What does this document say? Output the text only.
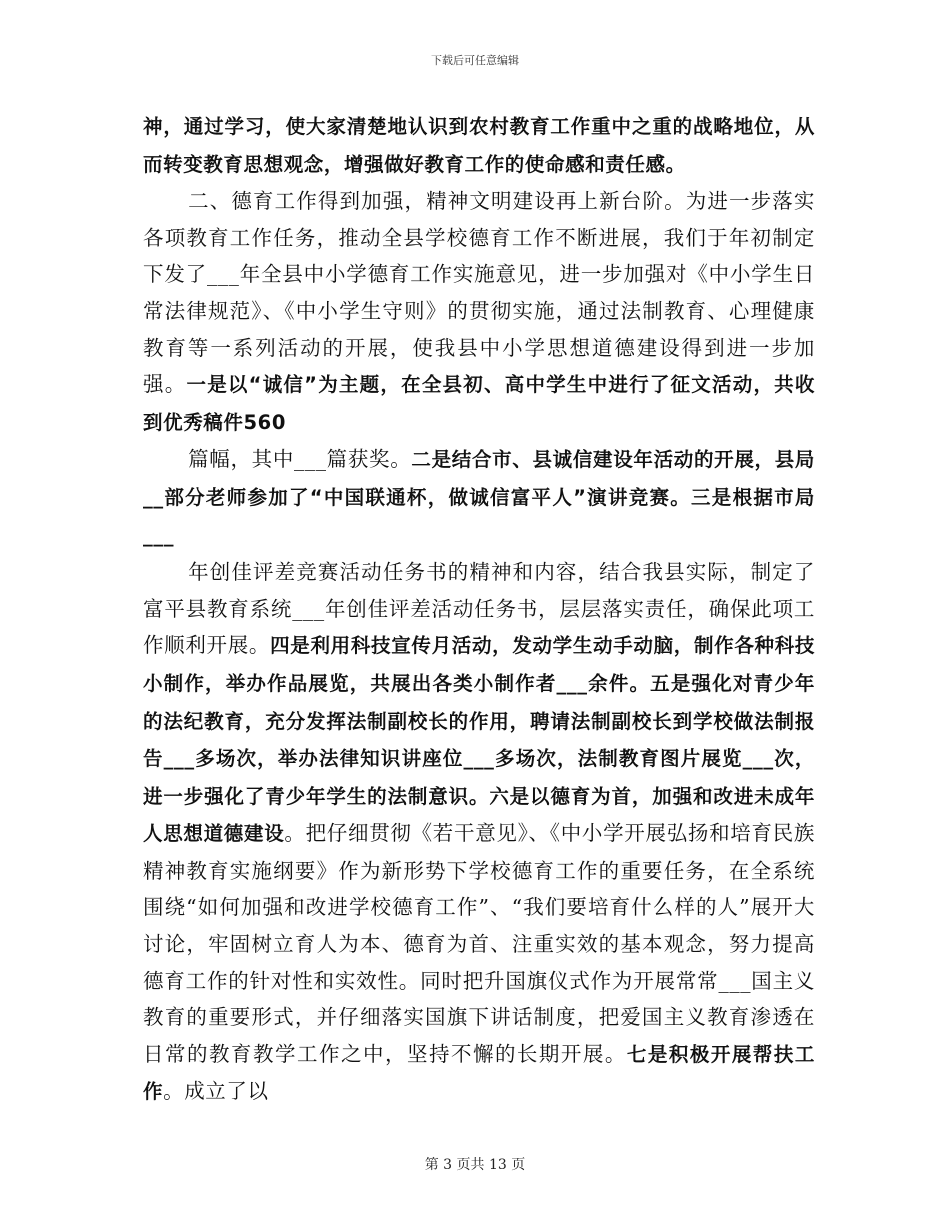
下载后可任意编辑

神，通过学习，使大家清楚地认识到农村教育工作重中之重的战略地位，从而转变教育思想观念，增强做好教育工作的使命感和责任感。

二、德育工作得到加强，精神文明建设再上新台阶。为进一步落实各项教育工作任务，推动全县学校德育工作不断进展，我们于年初制定下发了___年全县中小学德育工作实施意见，进一步加强对《中小学生日常法律规范》、《中小学生守则》的贯彻实施，通过法制教育、心理健康教育等一系列活动的开展，使我县中小学思想道德建设得到进一步加强。一是以“诚信”为主题，在全县初、高中学生中进行了征文活动，共收到优秀稿件560

篇幅，其中___篇获奖。二是结合市、县诚信建设年活动的开展，县局__部分老师参加了“中国联通杯，做诚信富平人”演讲竞赛。三是根据市局___

年创佳评差竞赛活动任务书的精神和内容，结合我县实际，制定了富平县教育系统___年创佳评差活动任务书，层层落实责任，确保此项工作顺利开展。四是利用科技宣传月活动，发动学生动手动脑，制作各种科技小制作，举办作品展览，共展出各类小制作者___余件。五是强化对青少年的法纪教育，充分发挥法制副校长的作用，聘请法制副校长到学校做法制报告___多场次，举办法律知识讲座位___多场次，法制教育图片展览___次，进一步强化了青少年学生的法制意识。六是以德育为首，加强和改进未成年人思想道德建设。把仔细贯彻《若干意见》、《中小学开展弘扬和培育民族精神教育实施纲要》作为新形势下学校德育工作的重要任务，在全系统围绕“如何加强和改进学校德育工作”、“我们要培育什么样的人”展开大讨论，牢固树立育人为本、德育为首、注重实效的基本观念，努力提高德育工作的针对性和实效性。同时把升国旗仪式作为开展常常___国主义教育的重要形式，并仔细落实国旗下讲话制度，把爱国主义教育渗透在日常的教育教学工作之中，坚持不懈的长期开展。七是积极开展帮扶工作。成立了以

第 3 页共 13 页
